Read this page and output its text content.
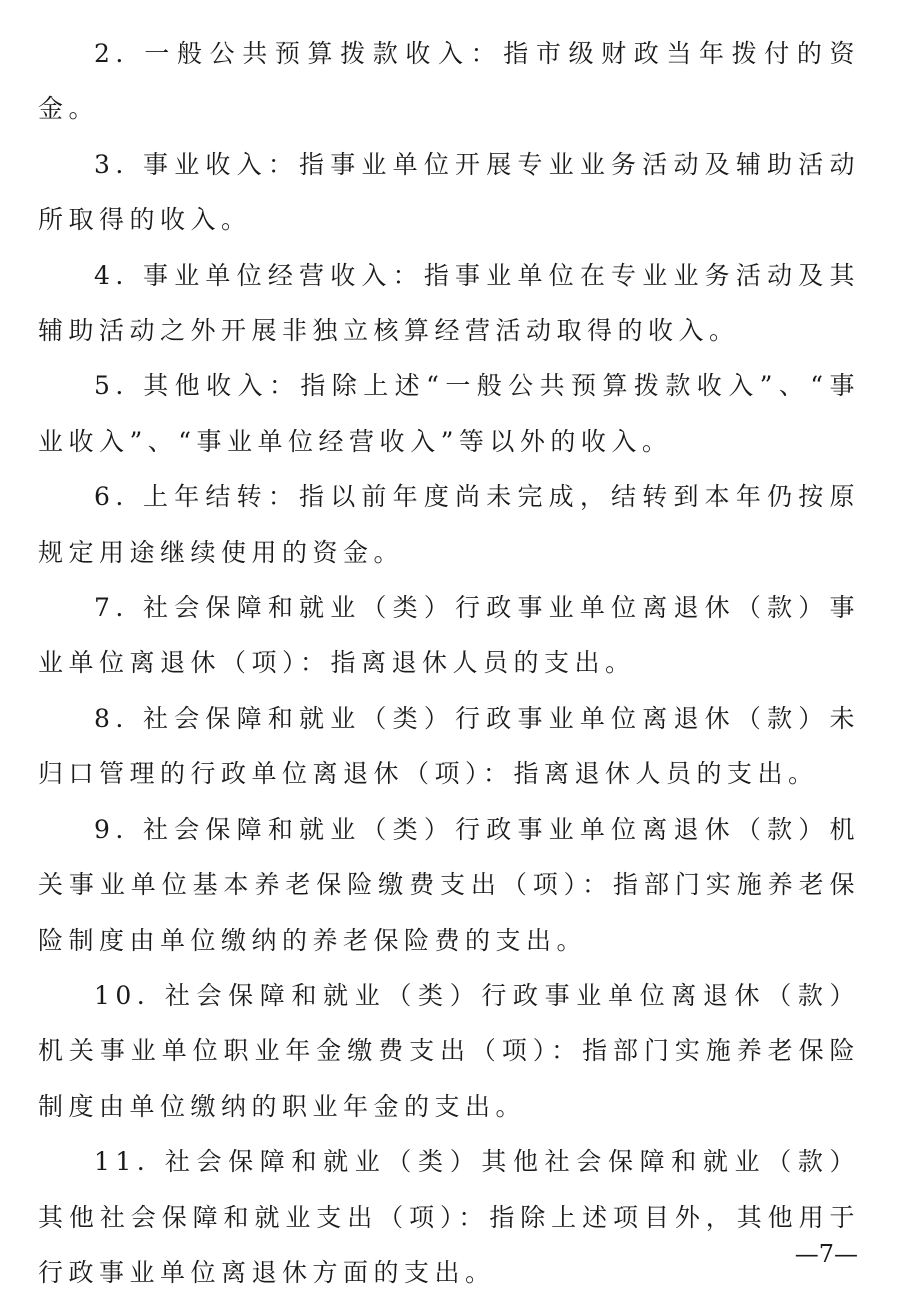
2. 一般公共预算拨款收入：指市级财政当年拨付的资金。

3. 事业收入：指事业单位开展专业业务活动及辅助活动所取得的收入。

4. 事业单位经营收入：指事业单位在专业业务活动及其辅助活动之外开展非独立核算经营活动取得的收入。

5. 其他收入：指除上述“一般公共预算拨款收入”、“事业收入”、“事业单位经营收入”等以外的收入。

6. 上年结转：指以前年度尚未完成，结转到本年仍按原规定用途继续使用的资金。

7. 社会保障和就业（类）行政事业单位离退休（款）事业单位离退休（项）：指离退休人员的支出。

8. 社会保障和就业（类）行政事业单位离退休（款）未归口管理的行政单位离退休（项）：指离退休人员的支出。

9. 社会保障和就业（类）行政事业单位离退休（款）机关事业单位基本养老保险缴费支出（项）：指部门实施养老保险制度由单位缴纳的养老保险费的支出。

10. 社会保障和就业（类）行政事业单位离退休（款）机关事业单位职业年金缴费支出（项）：指部门实施养老保险制度由单位缴纳的职业年金的支出。

11. 社会保障和就业（类）其他社会保障和就业（款）其他社会保障和就业支出（项）：指除上述项目外，其他用于行政事业单位离退休方面的支出。

—7—
